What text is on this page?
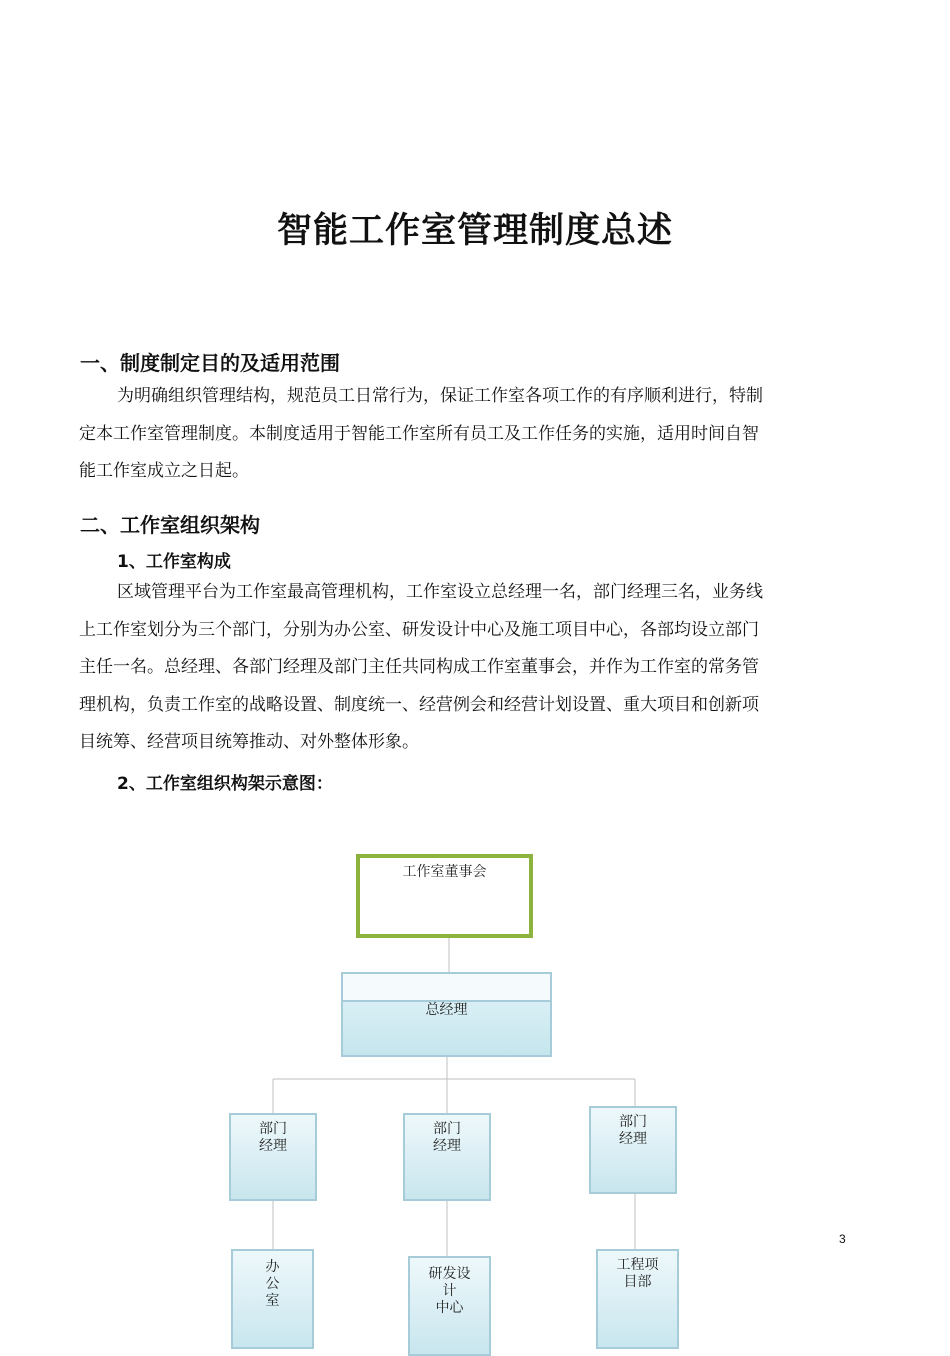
智能工作室管理制度总述
一、制度制定目的及适用范围
为明确组织管理结构，规范员工日常行为，保证工作室各项工作的有序顺利进行，特制
定本工作室管理制度。本制度适用于智能工作室所有员工及工作任务的实施，适用时间自智
能工作室成立之日起。
二、工作室组织架构
1、工作室构成
区域管理平台为工作室最高管理机构，工作室设立总经理一名，部门经理三名，业务线
上工作室划分为三个部门，分别为办公室、研发设计中心及施工项目中心，各部均设立部门
主任一名。总经理、各部门经理及部门主任共同构成工作室董事会，并作为工作室的常务管
理机构，负责工作室的战略设置、制度统一、经营例会和经营计划设置、重大项目和创新项
目统筹、经营项目统筹推动、对外整体形象。
2、工作室组织构架示意图：
工作室董事会
总经理
部门
经理
部门
经理
部门
经理
办
公
室
研发设
计
中心
工程项
目部
3
